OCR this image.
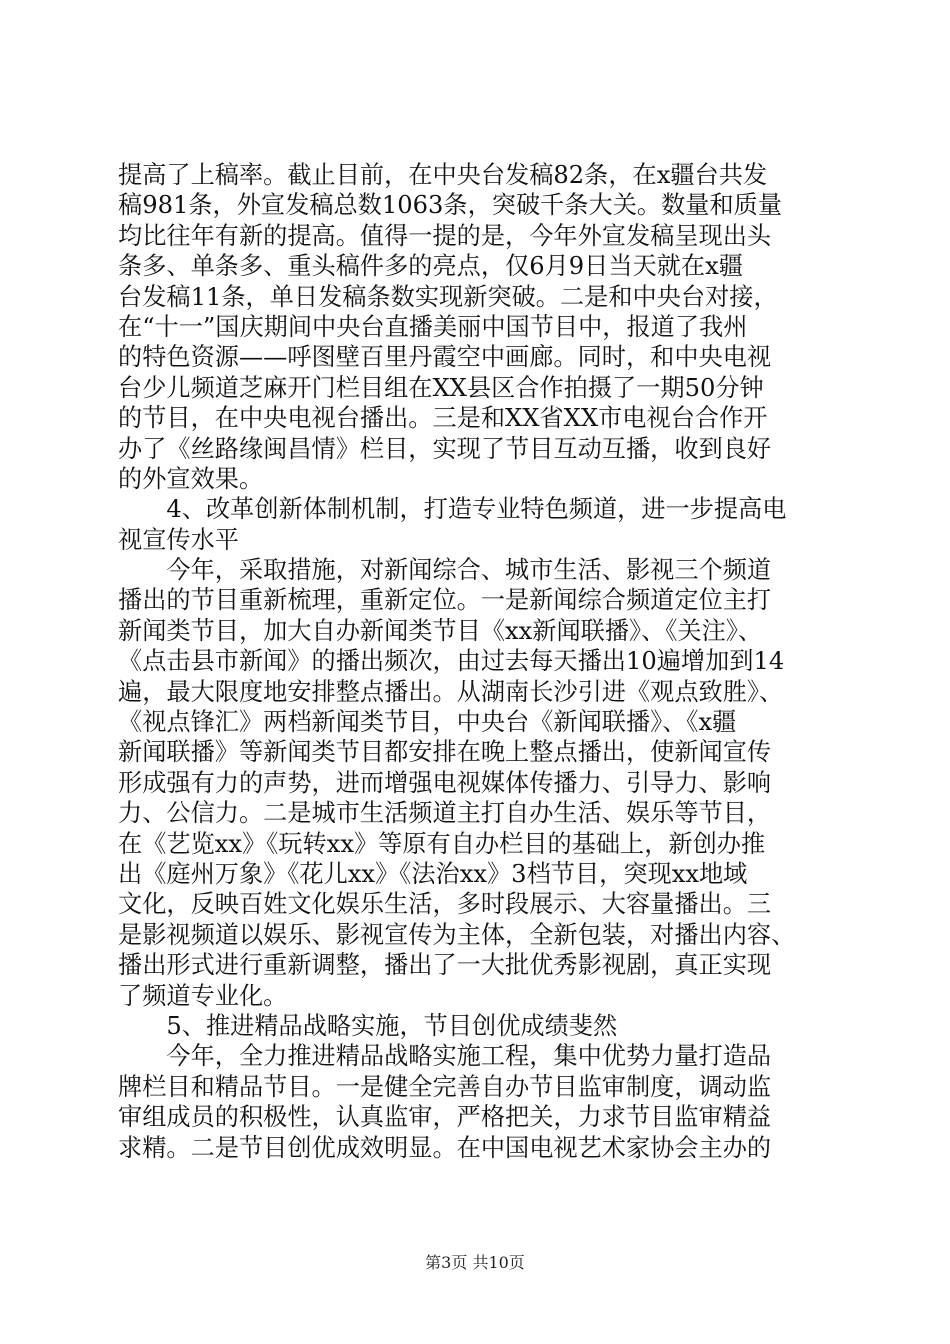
提高了上稿率。截止目前，在中央台发稿82条，在x疆台共发
稿981条，外宣发稿总数1063条，突破千条大关。数量和质量
均比往年有新的提高。值得一提的是，今年外宣发稿呈现出头
条多、单条多、重头稿件多的亮点，仅6月9日当天就在x疆
台发稿11条，单日发稿条数实现新突破。二是和中央台对接，
在“十一”国庆期间中央台直播美丽中国节目中，报道了我州
的特色资源——呼图壁百里丹霞空中画廊。同时，和中央电视
台少儿频道芝麻开门栏目组在XX县区合作拍摄了一期50分钟
的节目，在中央电视台播出。三是和XX省XX市电视台合作开
办了《丝路缘闽昌情》栏目，实现了节目互动互播，收到良好
的外宣效果。
　　4、改革创新体制机制，打造专业特色频道，进一步提高电
视宣传水平
　　今年，采取措施，对新闻综合、城市生活、影视三个频道
播出的节目重新梳理，重新定位。一是新闻综合频道定位主打
新闻类节目，加大自办新闻类节目《xx新闻联播》、《关注》、
《点击县市新闻》的播出频次，由过去每天播出10遍增加到14
遍，最大限度地安排整点播出。从湖南长沙引进《观点致胜》、
《视点锋汇》两档新闻类节目，中央台《新闻联播》、《x疆
新闻联播》等新闻类节目都安排在晚上整点播出，使新闻宣传
形成强有力的声势，进而增强电视媒体传播力、引导力、影响
力、公信力。二是城市生活频道主打自办生活、娱乐等节目，
在《艺览xx》《玩转xx》等原有自办栏目的基础上，新创办推
出《庭州万象》《花儿xx》《法治xx》3档节目，突现xx地域
文化，反映百姓文化娱乐生活，多时段展示、大容量播出。三
是影视频道以娱乐、影视宣传为主体，全新包装，对播出内容、
播出形式进行重新调整，播出了一大批优秀影视剧，真正实现
了频道专业化。
　　5、推进精品战略实施，节目创优成绩斐然
　　今年，全力推进精品战略实施工程，集中优势力量打造品
牌栏目和精品节目。一是健全完善自办节目监审制度，调动监
审组成员的积极性，认真监审，严格把关，力求节目监审精益
求精。二是节目创优成效明显。在中国电视艺术家协会主办的
第3页 共10页
